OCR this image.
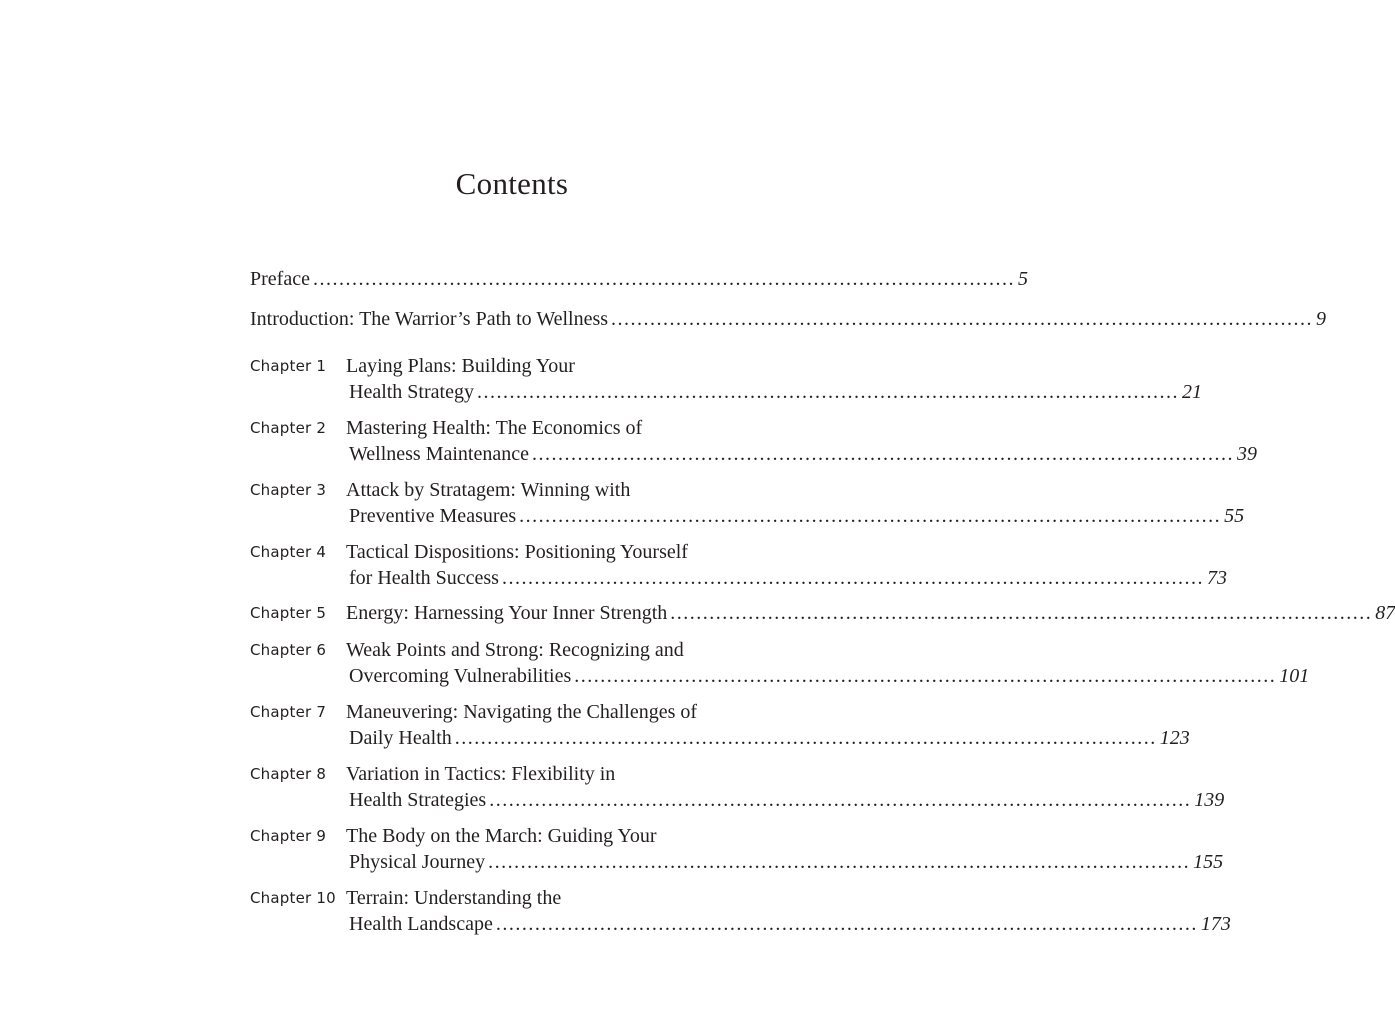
Contents
Preface ............................................................................................................ 5
Introduction: The Warrior’s Path to Wellness ............................................................................................................ 9
Chapter 1 Laying Plans: Building Your
Health Strategy ............................................................................................................ 21
Chapter 2 Mastering Health: The Economics of
Wellness Maintenance ............................................................................................................ 39
Chapter 3 Attack by Stratagem: Winning with
Preventive Measures ............................................................................................................ 55
Chapter 4 Tactical Dispositions: Positioning Yourself
for Health Success ............................................................................................................ 73
Chapter 5 Energy: Harnessing Your Inner Strength ............................................................................................................ 87
Chapter 6 Weak Points and Strong: Recognizing and
Overcoming Vulnerabilities ............................................................................................................ 101
Chapter 7 Maneuvering: Navigating the Challenges of
Daily Health ............................................................................................................ 123
Chapter 8 Variation in Tactics: Flexibility in
Health Strategies ............................................................................................................ 139
Chapter 9 The Body on the March: Guiding Your
Physical Journey ............................................................................................................ 155
Chapter 10 Terrain: Understanding the
Health Landscape ............................................................................................................ 173
